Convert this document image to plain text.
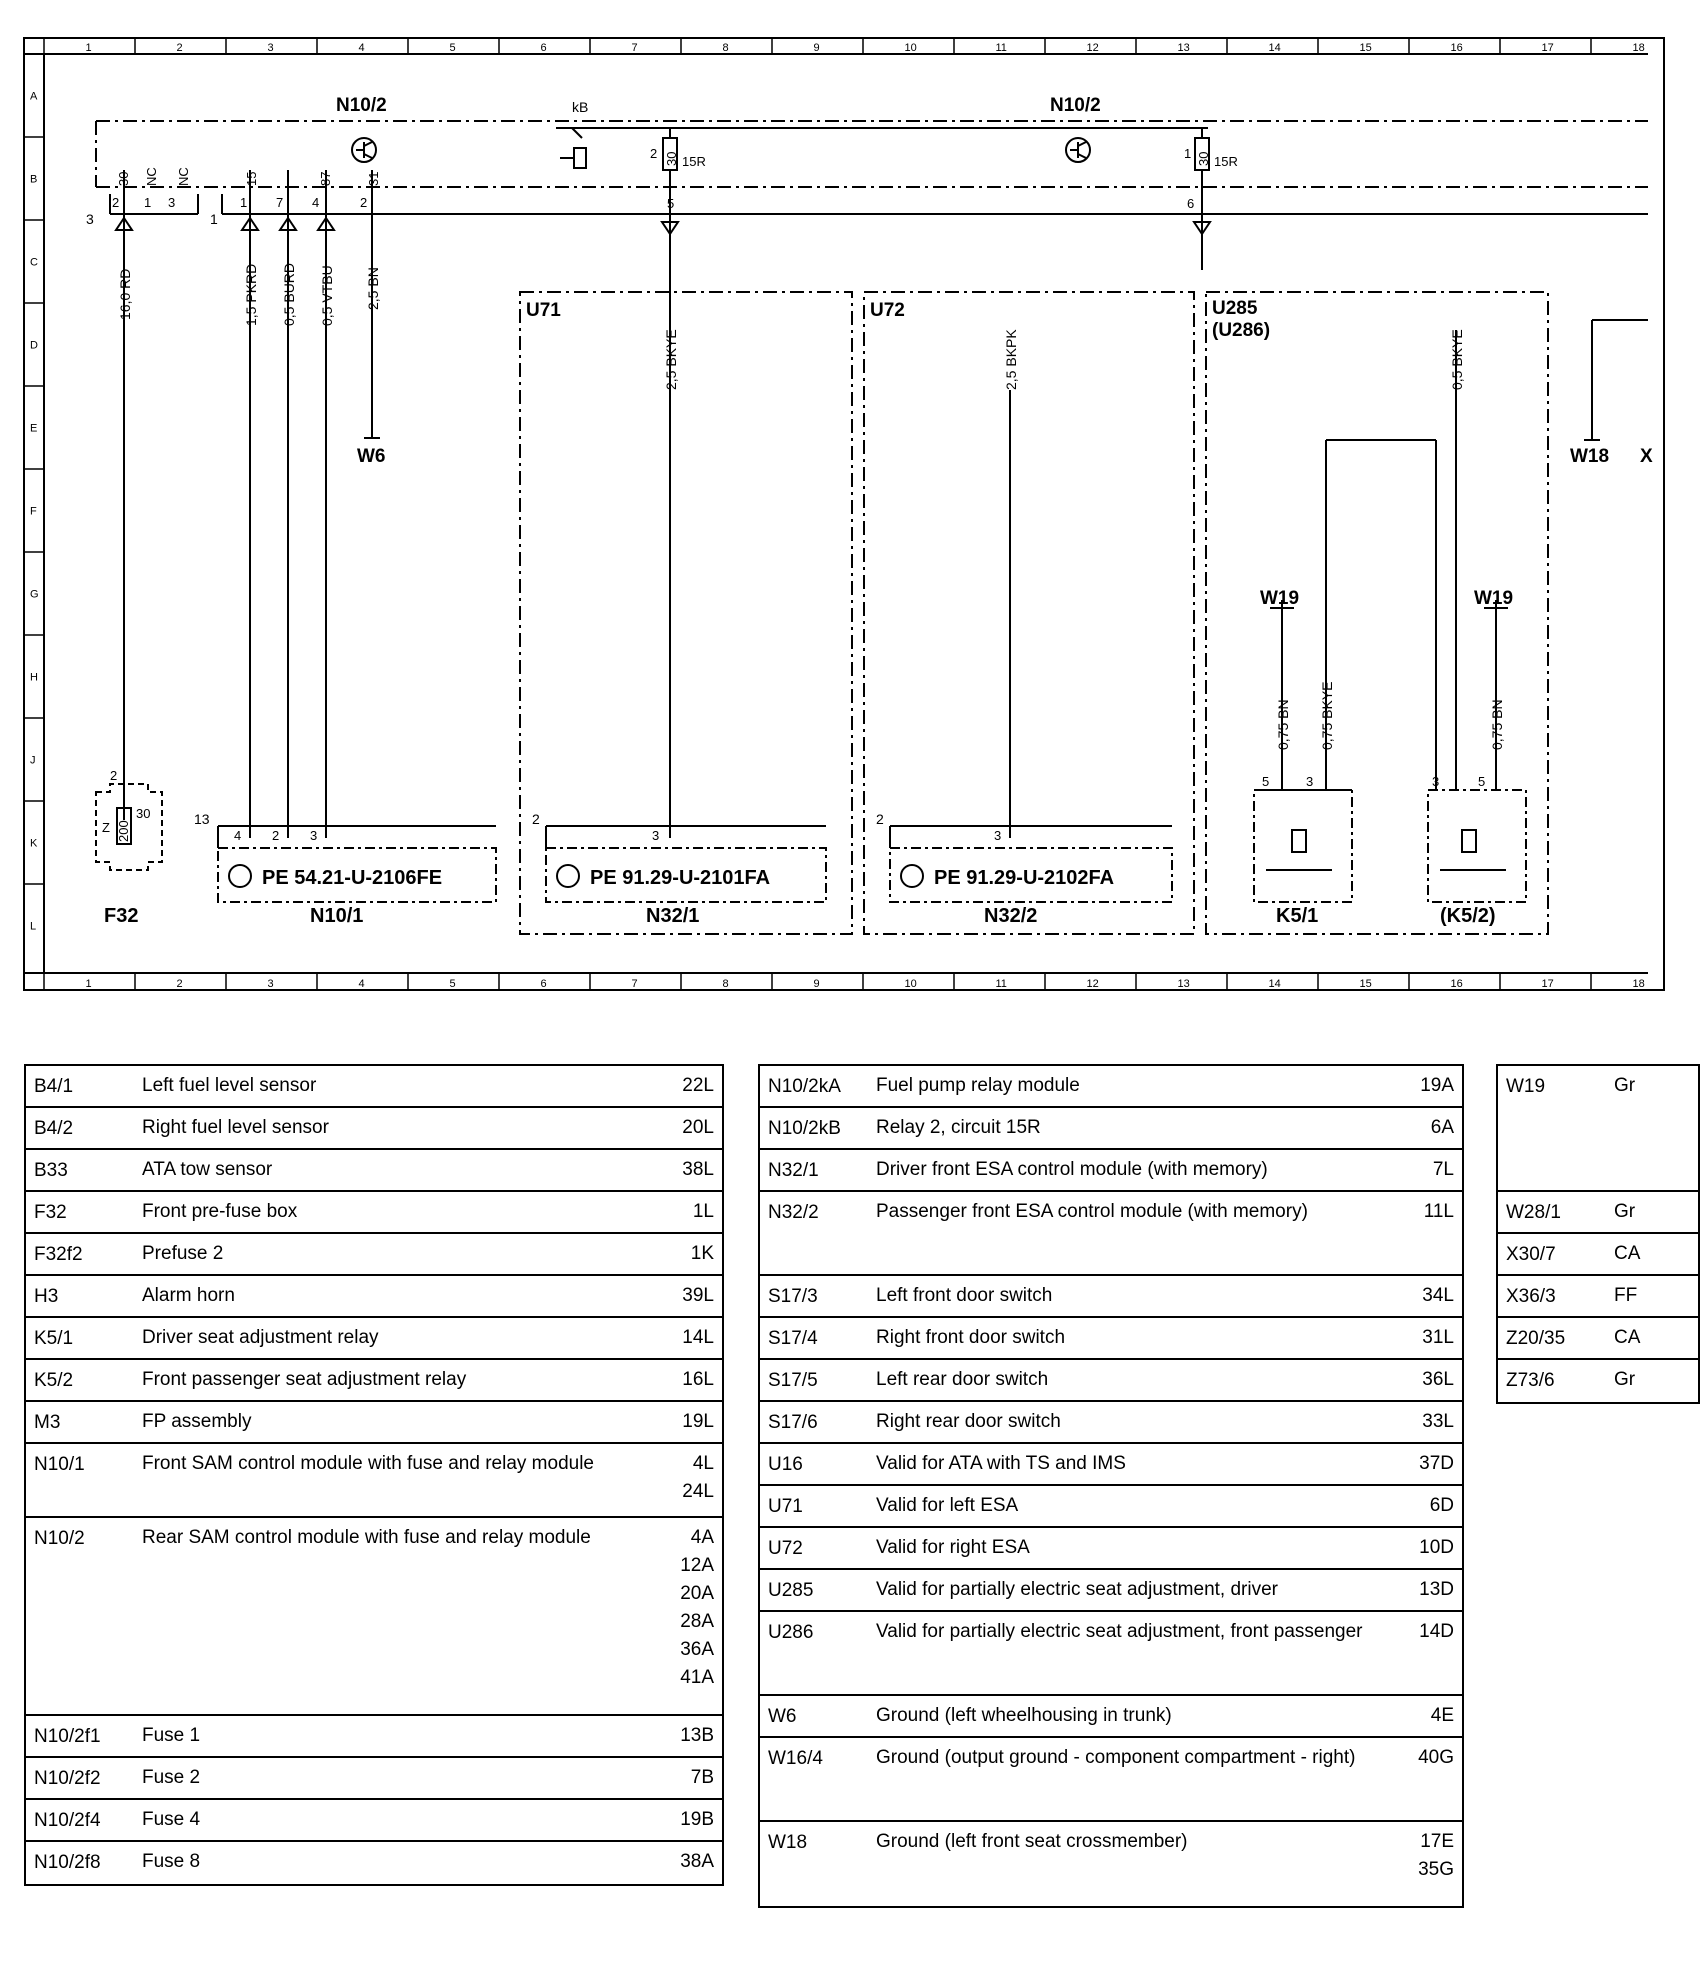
1
1
2
2
3
3
4
4
5
5
6
6
7
7
8
8
9
9
10
10
11
11
12
12
13
13
14
14
15
15
16
16
17
17
18
18
A
B
C
D
E
F
G
H
J
K
L
N10/2	N10/2
kB
2
15R
1
15R
3	1
5	6
2 1 3	1 7 4	2
30 NC NC	15	87	31
30	30
16,0 RD	1,5 PKRD 0,5 BURD 0,5 VTBU 2,5 BN
2,5 BKYE	2,5 BKPK	0,5 BKYE
0,75 BN 0,75 BKYE	0,75 BN
W6	W18 X
W19	W19
U71	U72	U285
(U286)
2
30
Z 200
F32
13
4 2 3
PE 54.21-U-2106FE
N10/1
2
3
PE 91.29-U-2101FA
N32/1
2
3
PE 91.29-U-2102FA
N32/2
5	3
K5/1
3	5
(K5/2)
B4/1	Left fuel level sensor	22L
B4/2	Right fuel level sensor	20L
B33	ATA tow sensor	38L
F32	Front pre-fuse box	1L
F32f2	Prefuse 2	1K
H3	Alarm horn	39L
K5/1	Driver seat adjustment relay	14L
K5/2	Front passenger seat adjustment relay	16L
M3	FP assembly	19L
N10/1	Front SAM control module with fuse and relay module	4L
24L
N10/2	Rear SAM control module with fuse and relay module	4A
12A
20A
28A
36A
41A
N10/2f1	Fuse 1	13B
N10/2f2	Fuse 2	7B
N10/2f4	Fuse 4	19B
N10/2f8	Fuse 8	38A
N10/2kA	Fuel pump relay module	19A
N10/2kB	Relay 2, circuit 15R	6A
N32/1	Driver front ESA control module (with memory)	7L
N32/2	Passenger front ESA control module (with memory)	11L
S17/3	Left front door switch	34L
S17/4	Right front door switch	31L
S17/5	Left rear door switch	36L
S17/6	Right rear door switch	33L
U16	Valid for ATA with TS and IMS	37D
U71	Valid for left ESA	6D
U72	Valid for right ESA	10D
U285	Valid for partially electric seat adjustment, driver	13D
U286	Valid for partially electric seat adjustment, front passenger	14D
W6	Ground (left wheelhousing in trunk)	4E
W16/4	Ground (output ground - component compartment - right)	40G
W18	Ground (left front seat crossmember)	17E
35G
W19	Gr
W28/1	Gr
X30/7	CA
X36/3	FF
Z20/35	CA
Z73/6	Gr
